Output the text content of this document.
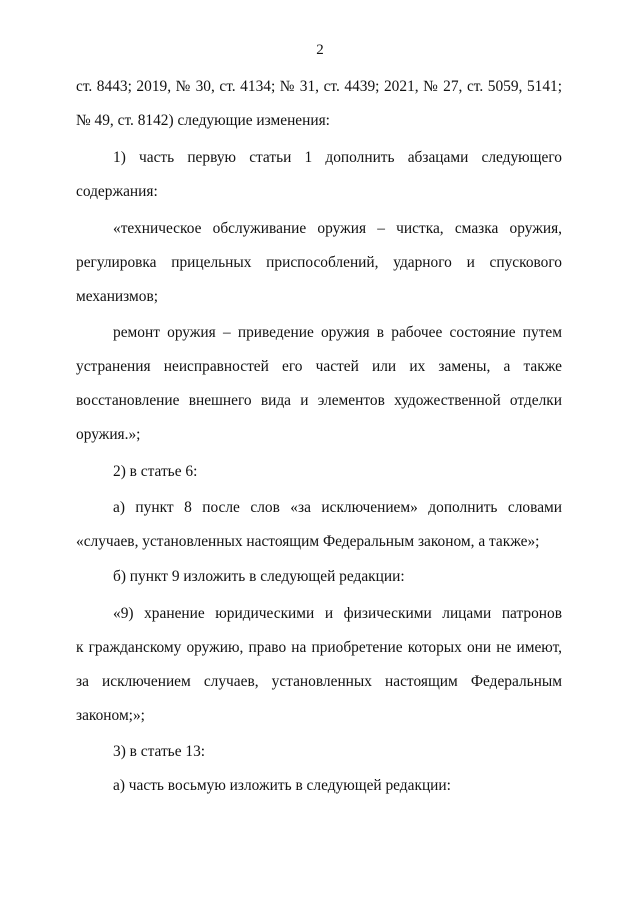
2
ст. 8443; 2019, № 30, ст. 4134; № 31, ст. 4439; 2021, № 27, ст. 5059, 5141;
№ 49, ст. 8142) следующие изменения:
1) часть первую статьи 1 дополнить абзацами следующего
содержания:
«техническое обслуживание оружия – чистка, смазка оружия,
регулировка прицельных приспособлений, ударного и спускового
механизмов;
ремонт оружия – приведение оружия в рабочее состояние путем
устранения неисправностей его частей или их замены, а также
восстановление внешнего вида и элементов художественной отделки
оружия.»;
2) в статье 6:
а) пункт 8 после слов «за исключением» дополнить словами
«случаев, установленных настоящим Федеральным законом, а также»;
б) пункт 9 изложить в следующей редакции:
«9) хранение юридическими и физическими лицами патронов
к гражданскому оружию, право на приобретение которых они не имеют,
за исключением случаев, установленных настоящим Федеральным
законом;»;
3) в статье 13:
а) часть восьмую изложить в следующей редакции:
